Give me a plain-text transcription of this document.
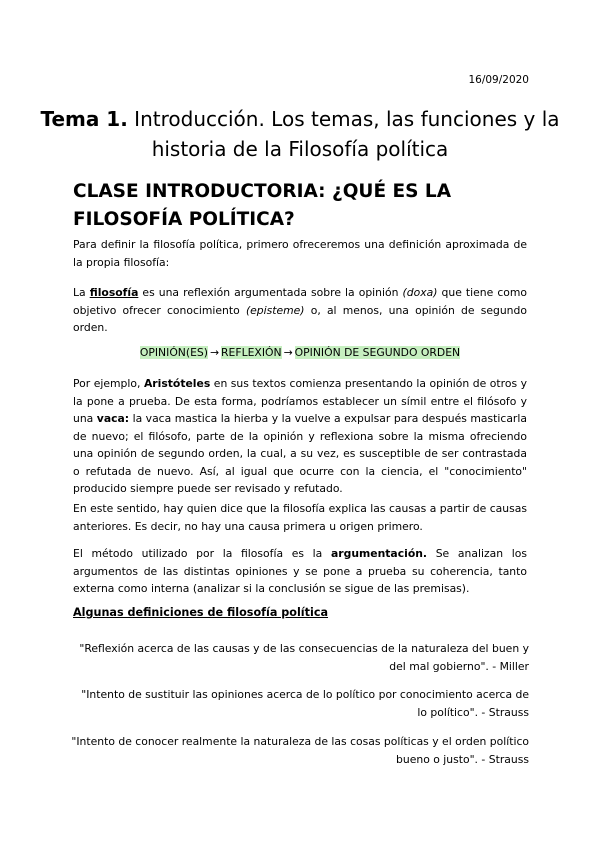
16/09/2020
Tema 1. Introducción. Los temas, las funciones y la historia de la Filosofía política
CLASE INTRODUCTORIA: ¿QUÉ ES LA FILOSOFÍA POLÍTICA?

Para definir la filosofía política, primero ofreceremos una definición aproximada de la propia filosofía:

La filosofía es una reflexión argumentada sobre la opinión (doxa) que tiene como objetivo ofrecer conocimiento (episteme) o, al menos, una opinión de segundo orden.

OPINIÓN(ES) → REFLEXIÓN → OPINIÓN DE SEGUNDO ORDEN

Por ejemplo, Aristóteles en sus textos comienza presentando la opinión de otros y la pone a prueba. De esta forma, podríamos establecer un símil entre el filósofo y una vaca: la vaca mastica la hierba y la vuelve a expulsar para después masticarla de nuevo; el filósofo, parte de la opinión y reflexiona sobre la misma ofreciendo una opinión de segundo orden, la cual, a su vez, es susceptible de ser contrastada o refutada de nuevo. Así, al igual que ocurre con la ciencia, el "conocimiento" producido siempre puede ser revisado y refutado.

En este sentido, hay quien dice que la filosofía explica las causas a partir de causas anteriores. Es decir, no hay una causa primera u origen primero.

El método utilizado por la filosofía es la argumentación. Se analizan los argumentos de las distintas opiniones y se pone a prueba su coherencia, tanto externa como interna (analizar si la conclusión se sigue de las premisas).

Algunas definiciones de filosofía política

"Reflexión acerca de las causas y de las consecuencias de la naturaleza del buen y del mal gobierno". - Miller

"Intento de sustituir las opiniones acerca de lo político por conocimiento acerca de lo político". - Strauss

"Intento de conocer realmente la naturaleza de las cosas políticas y el orden político bueno o justo". - Strauss
